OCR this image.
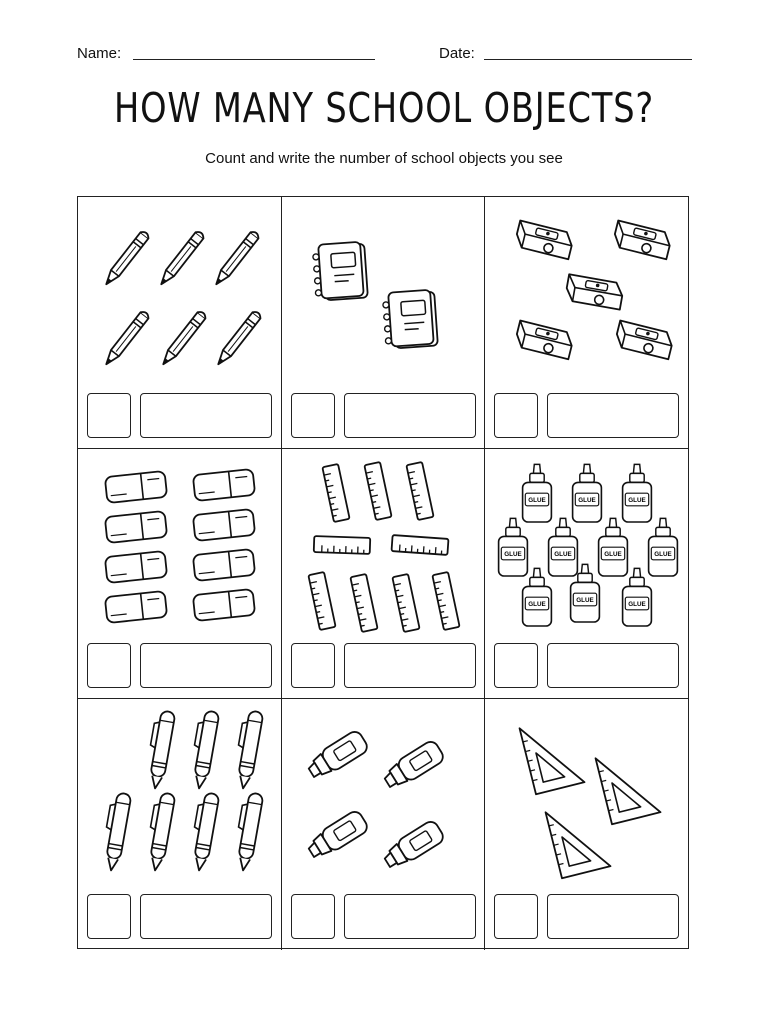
Name:	Date:
HOW MANY SCHOOL OBJECTS?
Count and write the number of school objects you see
GLUE	GLUE	GLUE
GLUE	GLUE	GLUE	GLUE
GLUE
GLUE
GLUE
